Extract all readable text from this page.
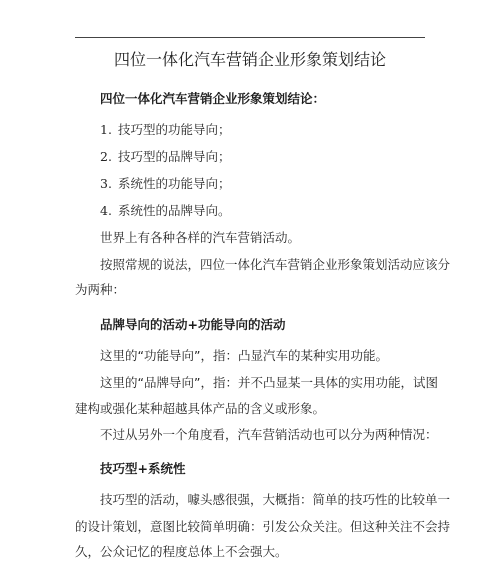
四位一体化汽车营销企业形象策划结论
四位一体化汽车营销企业形象策划结论：
1. 技巧型的功能导向；
2. 技巧型的品牌导向；
3. 系统性的功能导向；
4. 系统性的品牌导向。
世界上有各种各样的汽车营销活动。
按照常规的说法，四位一体化汽车营销企业形象策划活动应该分
为两种：
品牌导向的活动+功能导向的活动
这里的“功能导向”，指：凸显汽车的某种实用功能。
这里的“品牌导向”，指：并不凸显某一具体的实用功能，试图
建构或强化某种超越具体产品的含义或形象。
不过从另外一个角度看，汽车营销活动也可以分为两种情况：
技巧型+系统性
技巧型的活动，噱头感很强，大概指：简单的技巧性的比较单一
的设计策划，意图比较简单明确：引发公众关注。但这种关注不会持
久，公众记忆的程度总体上不会强大。
